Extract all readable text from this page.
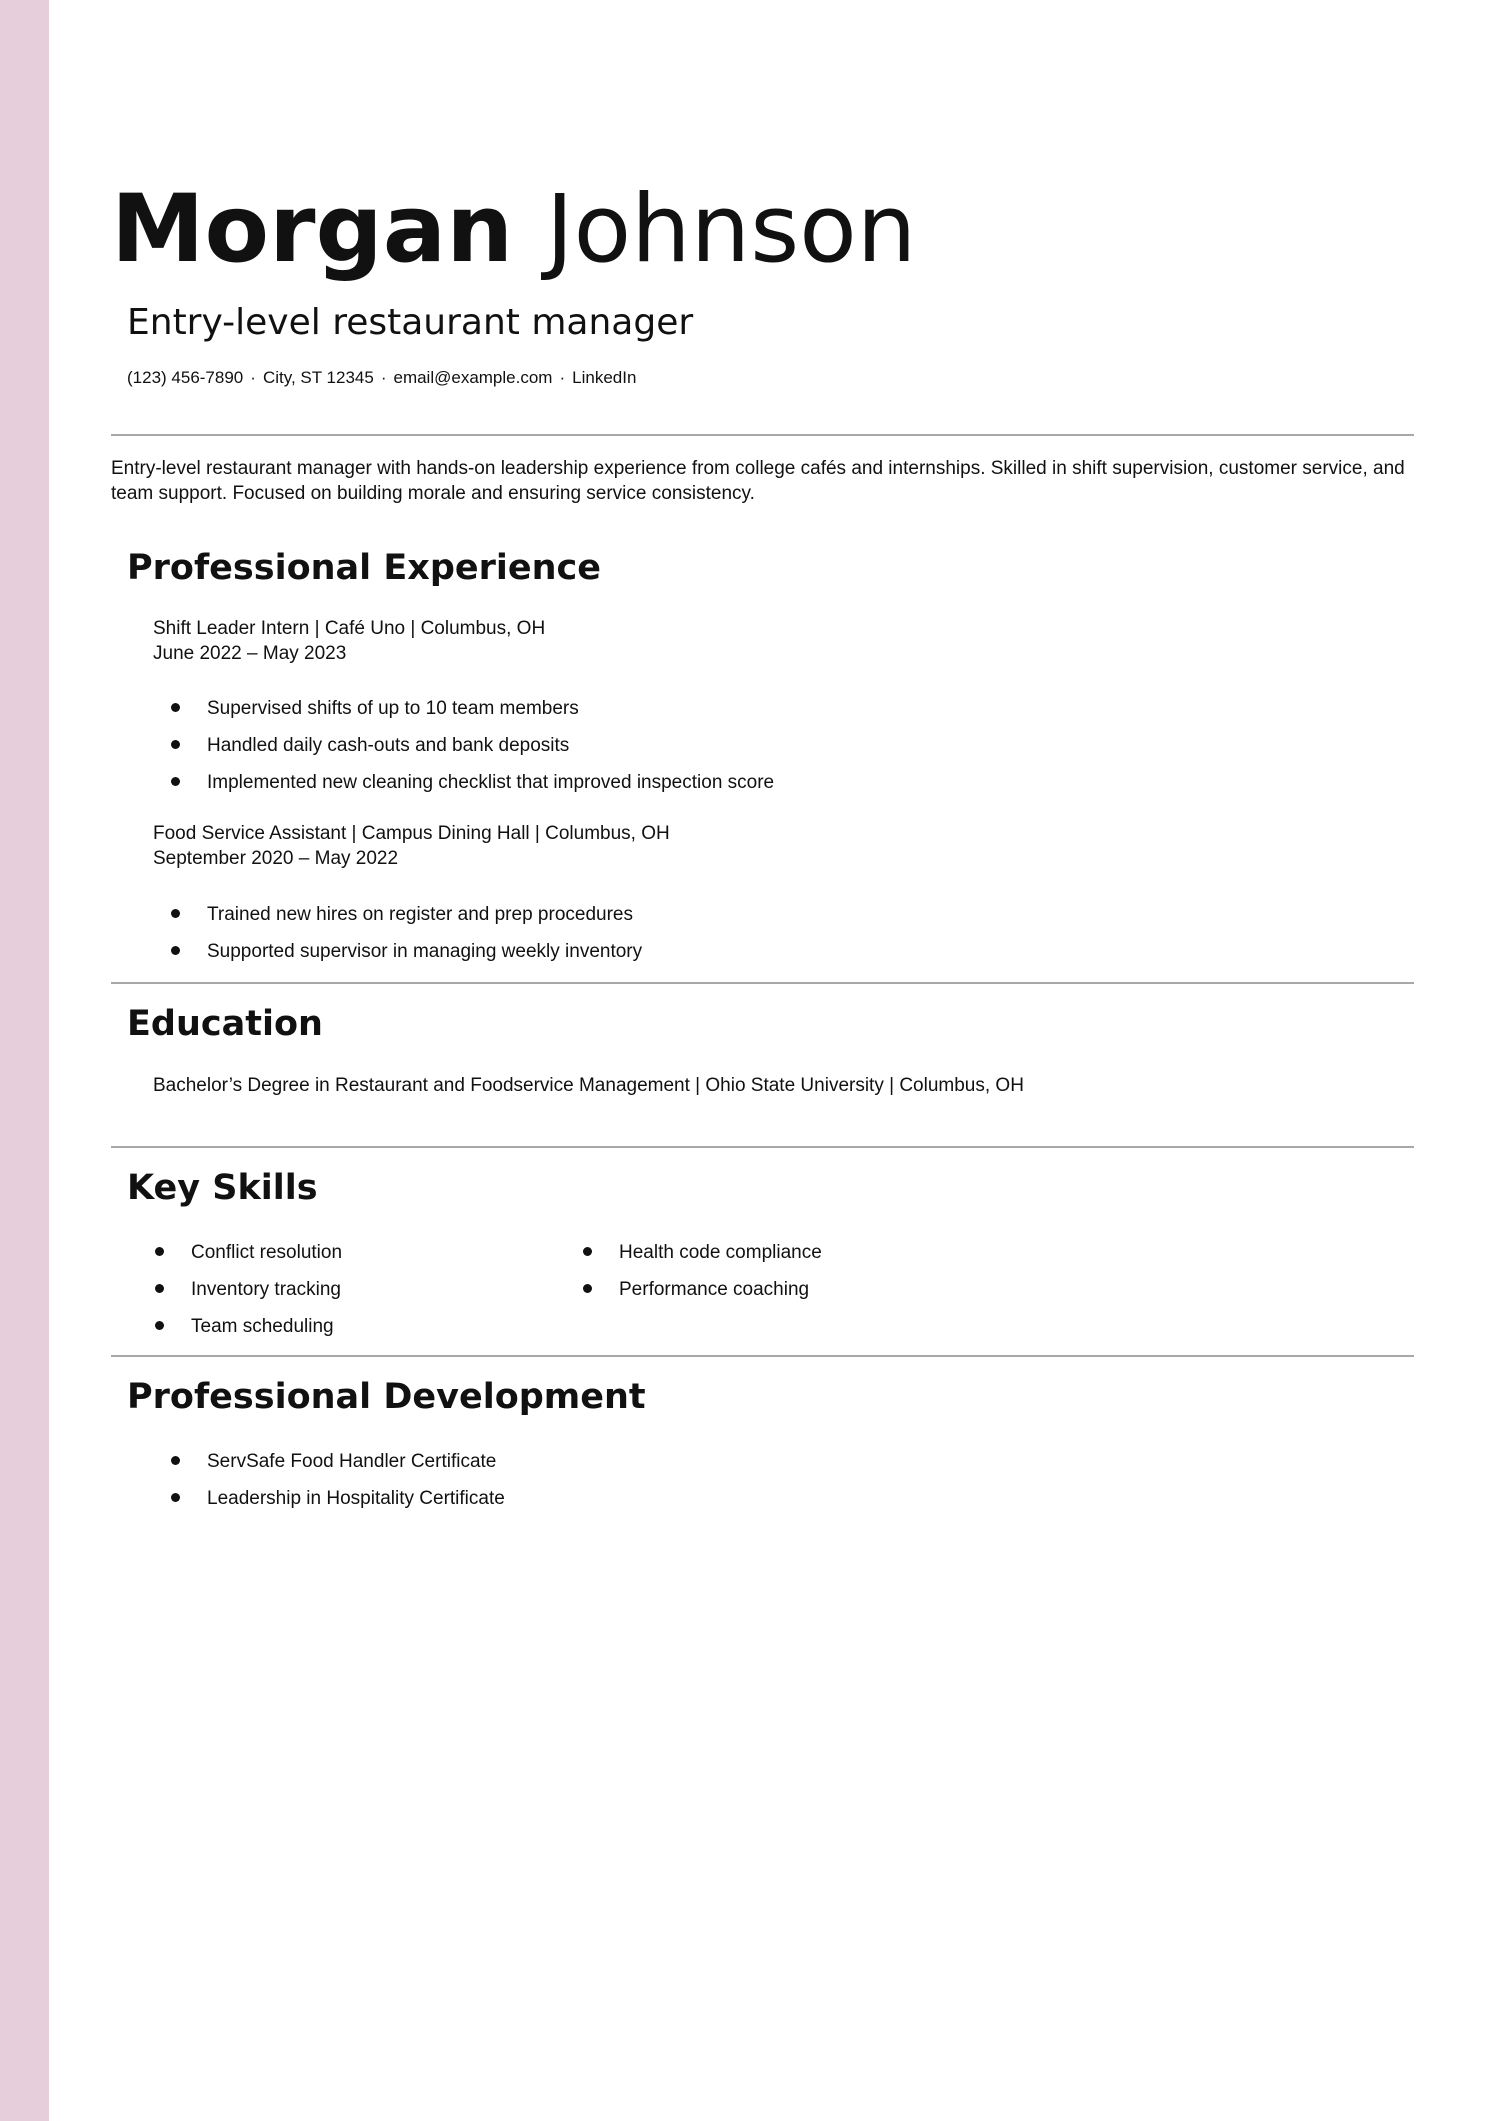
Morgan Johnson
Entry-level restaurant manager
(123) 456-7890 · City, ST 12345 · email@example.com · LinkedIn

Entry-level restaurant manager with hands-on leadership experience from college cafés and internships. Skilled in shift supervision, customer service, and team support. Focused on building morale and ensuring service consistency.

Professional Experience
Shift Leader Intern | Café Uno | Columbus, OH
June 2022 – May 2023
Supervised shifts of up to 10 team members
Handled daily cash-outs and bank deposits
Implemented new cleaning checklist that improved inspection score
Food Service Assistant | Campus Dining Hall | Columbus, OH
September 2020 – May 2022
Trained new hires on register and prep procedures
Supported supervisor in managing weekly inventory
Education
Bachelor’s Degree in Restaurant and Foodservice Management | Ohio State University | Columbus, OH
Key Skills
Conflict resolution
Inventory tracking
Team scheduling
Health code compliance
Performance coaching
Professional Development
ServSafe Food Handler Certificate
Leadership in Hospitality Certificate
